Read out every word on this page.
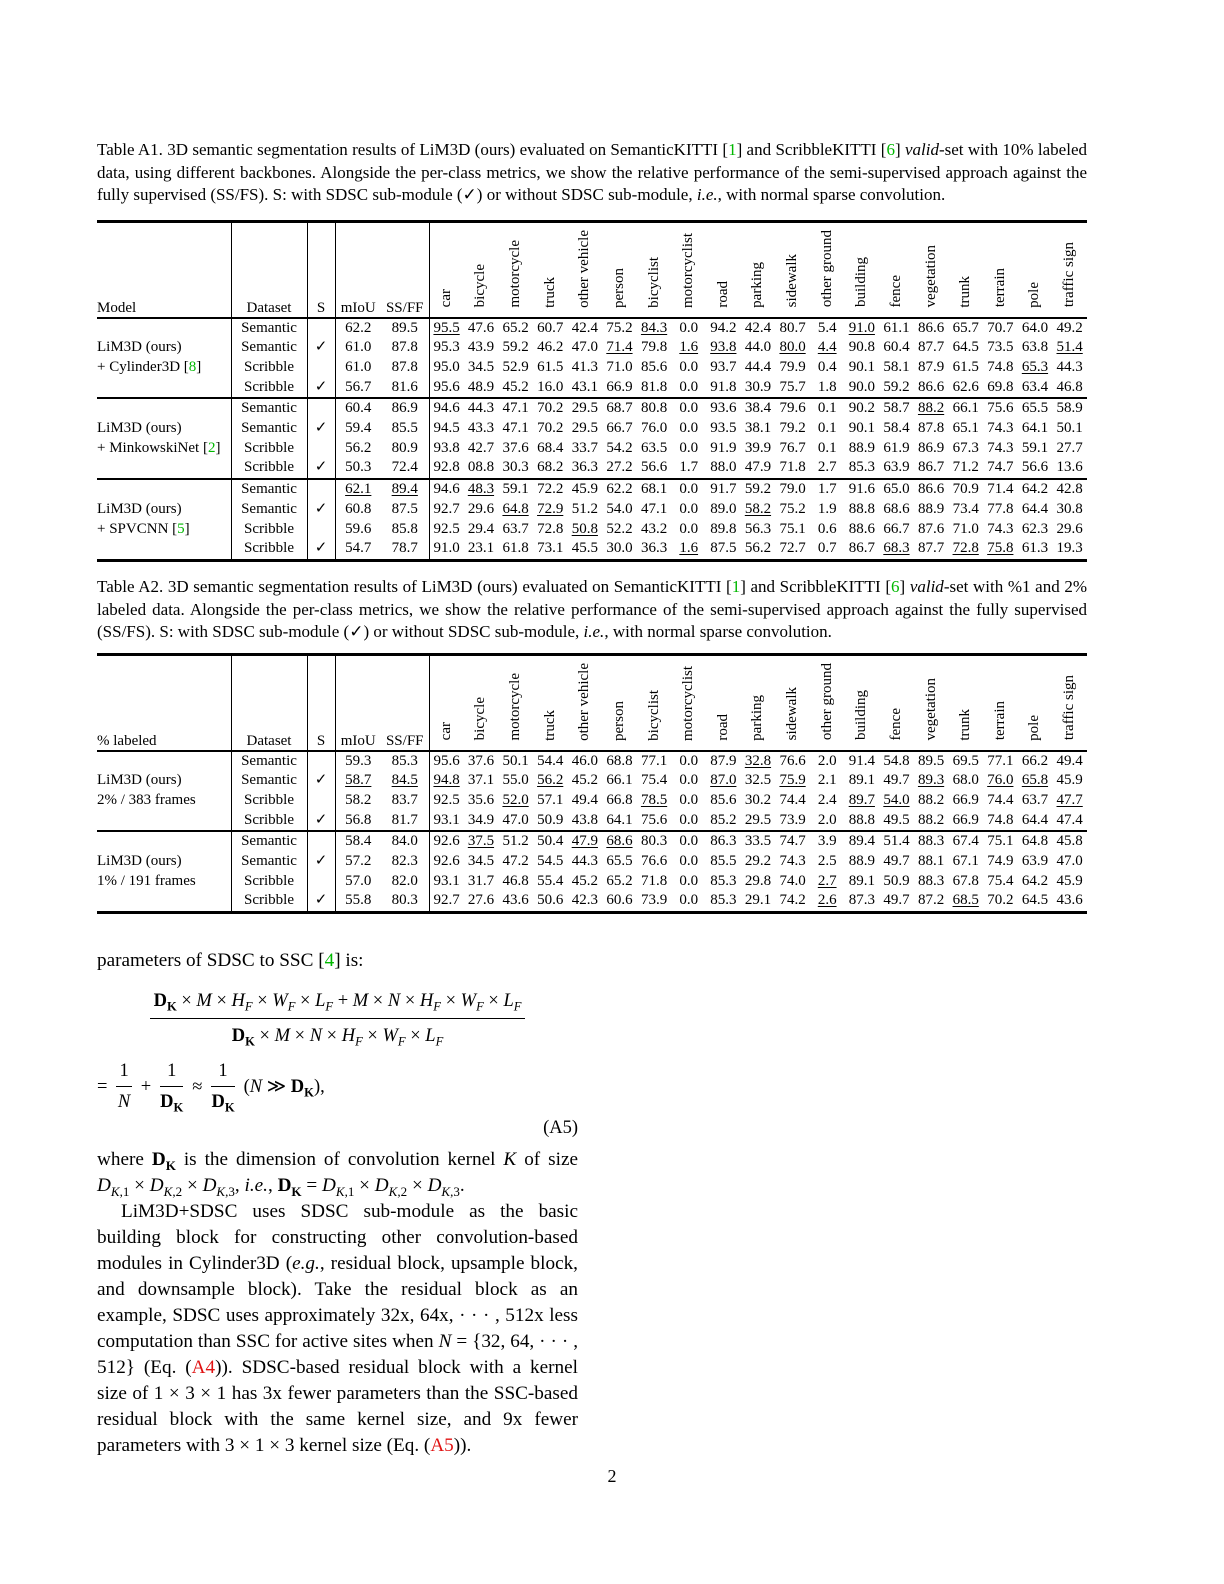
Table A1. 3D semantic segmentation results of LiM3D (ours) evaluated on SemanticKITTI [1] and ScribbleKITTI [6] valid-set with 10% labeled data, using different backbones. Alongside the per-class metrics, we show the relative performance of the semi-supervised approach against the fully supervised (SS/FS). S: with SDSC sub-module (✓) or without SDSC sub-module, i.e., with normal sparse convolution.
Model	Dataset	S	mIoU	SS/FF	car	bicycle	motorcycle	truck	other vehicle	person	bicyclist	motorcyclist	road	parking	sidewalk	other ground	building	fence	vegetation	trunk	terrain	pole	traffic sign
LiM3D (ours)
+ Cylinder3D [8]	Semantic		62.2	89.5	95.5	47.6	65.2	60.7	42.4	75.2	84.3	0.0	94.2	42.4	80.7	5.4	91.0	61.1	86.6	65.7	70.7	64.0	49.2
	Semantic	✓	61.0	87.8	95.3	43.9	59.2	46.2	47.0	71.4	79.8	1.6	93.8	44.0	80.0	4.4	90.8	60.4	87.7	64.5	73.5	63.8	51.4
	Scribble		61.0	87.8	95.0	34.5	52.9	61.5	41.3	71.0	85.6	0.0	93.7	44.4	79.9	0.4	90.1	58.1	87.9	61.5	74.8	65.3	44.3
	Scribble	✓	56.7	81.6	95.6	48.9	45.2	16.0	43.1	66.9	81.8	0.0	91.8	30.9	75.7	1.8	90.0	59.2	86.6	62.6	69.8	63.4	46.8
LiM3D (ours)
+ MinkowskiNet [2]	Semantic		60.4	86.9	94.6	44.3	47.1	70.2	29.5	68.7	80.8	0.0	93.6	38.4	79.6	0.1	90.2	58.7	88.2	66.1	75.6	65.5	58.9
	Semantic	✓	59.4	85.5	94.5	43.3	47.1	70.2	29.5	66.7	76.0	0.0	93.5	38.1	79.2	0.1	90.1	58.4	87.8	65.1	74.3	64.1	50.1
	Scribble		56.2	80.9	93.8	42.7	37.6	68.4	33.7	54.2	63.5	0.0	91.9	39.9	76.7	0.1	88.9	61.9	86.9	67.3	74.3	59.1	27.7
	Scribble	✓	50.3	72.4	92.8	08.8	30.3	68.2	36.3	27.2	56.6	1.7	88.0	47.9	71.8	2.7	85.3	63.9	86.7	71.2	74.7	56.6	13.6
LiM3D (ours)
+ SPVCNN [5]	Semantic		62.1	89.4	94.6	48.3	59.1	72.2	45.9	62.2	68.1	0.0	91.7	59.2	79.0	1.7	91.6	65.0	86.6	70.9	71.4	64.2	42.8
	Semantic	✓	60.8	87.5	92.7	29.6	64.8	72.9	51.2	54.0	47.1	0.0	89.0	58.2	75.2	1.9	88.8	68.6	88.9	73.4	77.8	64.4	30.8
	Scribble		59.6	85.8	92.5	29.4	63.7	72.8	50.8	52.2	43.2	0.0	89.8	56.3	75.1	0.6	88.6	66.7	87.6	71.0	74.3	62.3	29.6
	Scribble	✓	54.7	78.7	91.0	23.1	61.8	73.1	45.5	30.0	36.3	1.6	87.5	56.2	72.7	0.7	86.7	68.3	87.7	72.8	75.8	61.3	19.3
Table A2. 3D semantic segmentation results of LiM3D (ours) evaluated on SemanticKITTI [1] and ScribbleKITTI [6] valid-set with %1 and 2% labeled data. Alongside the per-class metrics, we show the relative performance of the semi-supervised approach against the fully supervised (SS/FS). S: with SDSC sub-module (✓) or without SDSC sub-module, i.e., with normal sparse convolution.
% labeled	Dataset	S	mIoU	SS/FF	car	bicycle	motorcycle	truck	other vehicle	person	bicyclist	motorcyclist	road	parking	sidewalk	other ground	building	fence	vegetation	trunk	terrain	pole	traffic sign
LiM3D (ours)
2% / 383 frames	Semantic		59.3	85.3	95.6	37.6	50.1	54.4	46.0	68.8	77.1	0.0	87.9	32.8	76.6	2.0	91.4	54.8	89.5	69.5	77.1	66.2	49.4
	Semantic	✓	58.7	84.5	94.8	37.1	55.0	56.2	45.2	66.1	75.4	0.0	87.0	32.5	75.9	2.1	89.1	49.7	89.3	68.0	76.0	65.8	45.9
	Scribble		58.2	83.7	92.5	35.6	52.0	57.1	49.4	66.8	78.5	0.0	85.6	30.2	74.4	2.4	89.7	54.0	88.2	66.9	74.4	63.7	47.7
	Scribble	✓	56.8	81.7	93.1	34.9	47.0	50.9	43.8	64.1	75.6	0.0	85.2	29.5	73.9	2.0	88.8	49.5	88.2	66.9	74.8	64.4	47.4
LiM3D (ours)
1% / 191 frames	Semantic		58.4	84.0	92.6	37.5	51.2	50.4	47.9	68.6	80.3	0.0	86.3	33.5	74.7	3.9	89.4	51.4	88.3	67.4	75.1	64.8	45.8
	Semantic	✓	57.2	82.3	92.6	34.5	47.2	54.5	44.3	65.5	76.6	0.0	85.5	29.2	74.3	2.5	88.9	49.7	88.1	67.1	74.9	63.9	47.0
	Scribble		57.0	82.0	93.1	31.7	46.8	55.4	45.2	65.2	71.8	0.0	85.3	29.8	74.0	2.7	89.1	50.9	88.3	67.8	75.4	64.2	45.9
	Scribble	✓	55.8	80.3	92.7	27.6	43.6	50.6	42.3	60.6	73.9	0.0	85.3	29.1	74.2	2.6	87.3	49.7	87.2	68.5	70.2	64.5	43.6

parameters of SDSC to SSC [4] is:

$\frac{D_K \times M \times H_F \times W_F \times L_F + M \times N \times H_F \times W_F \times L_F}{D_K \times M \times N \times H_F \times W_F \times L_F}$
= $\frac{1}{N} + \frac{1}{D_K} \approx \frac{1}{D_K} (N$ ≫ $D_K$),
(A5)

where $D_K$ is the dimension of convolution kernel K of size $D_{K,1} \times D_{K,2} \times D_{K,3}$, i.e., $D_K = D_{K,1} \times D_{K,2} \times D_{K,3}$.

LiM3D+SDSC uses SDSC sub-module as the basic building block for constructing other convolution-based modules in Cylinder3D (e.g., residual block, upsample block, and downsample block). Take the residual block as an example, SDSC uses approximately 32x, 64x, · · · , 512x less computation than SSC for active sites when N = {32, 64, · · · , 512} (Eq. (A4)). SDSC-based residual block with a kernel size of 1 × 3 × 1 has 3x fewer parameters than the SSC-based residual block with the same kernel size, and 9x fewer parameters with 3 × 1 × 3 kernel size (Eq. (A5)).

2
